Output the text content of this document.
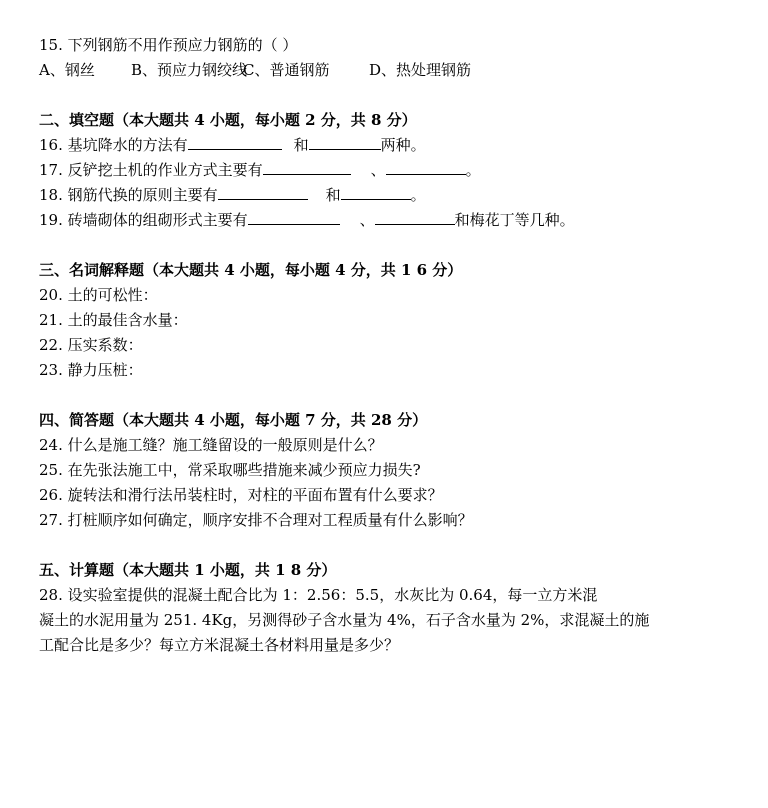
15. 下列钢筋不用作预应力钢筋的（ ）
A、钢丝 B、预应力钢绞线C、普通钢筋	D、热处理钢筋
二、填空题（本大题共 4 小题，每小题 2 分，共 8 分）
16. 基坑降水的方法有	和	两种。
17. 反铲挖土机的作业方式主要有	、	。
18. 钢筋代换的原则主要有	和	。
19. 砖墙砌体的组砌形式主要有	、	和梅花丁等几种。
三、名词解释题（本大题共 4 小题，每小题 4 分，共 1 6 分）
20. 土的可松性：
21. 土的最佳含水量：
22. 压实系数：
23. 静力压桩：
四、简答题（本大题共 4 小题，每小题 7 分，共 28 分）
24. 什么是施工缝？施工缝留设的一般原则是什么？
25. 在先张法施工中，常采取哪些措施来减少预应力损失?
26. 旋转法和滑行法吊装柱时，对柱的平面布置有什么要求？
27. 打桩顺序如何确定，顺序安排不合理对工程质量有什么影响？
五、计算题（本大题共 1 小题，共 1 8 分）
28. 设实验室提供的混凝土配合比为 1：2.56：5.5，水灰比为 0.64，每一立方米混
凝土的水泥用量为 251. 4Kg，另测得砂子含水量为 4%，石子含水量为 2%，求混凝土的施
工配合比是多少？每立方米混凝土各材料用量是多少？
